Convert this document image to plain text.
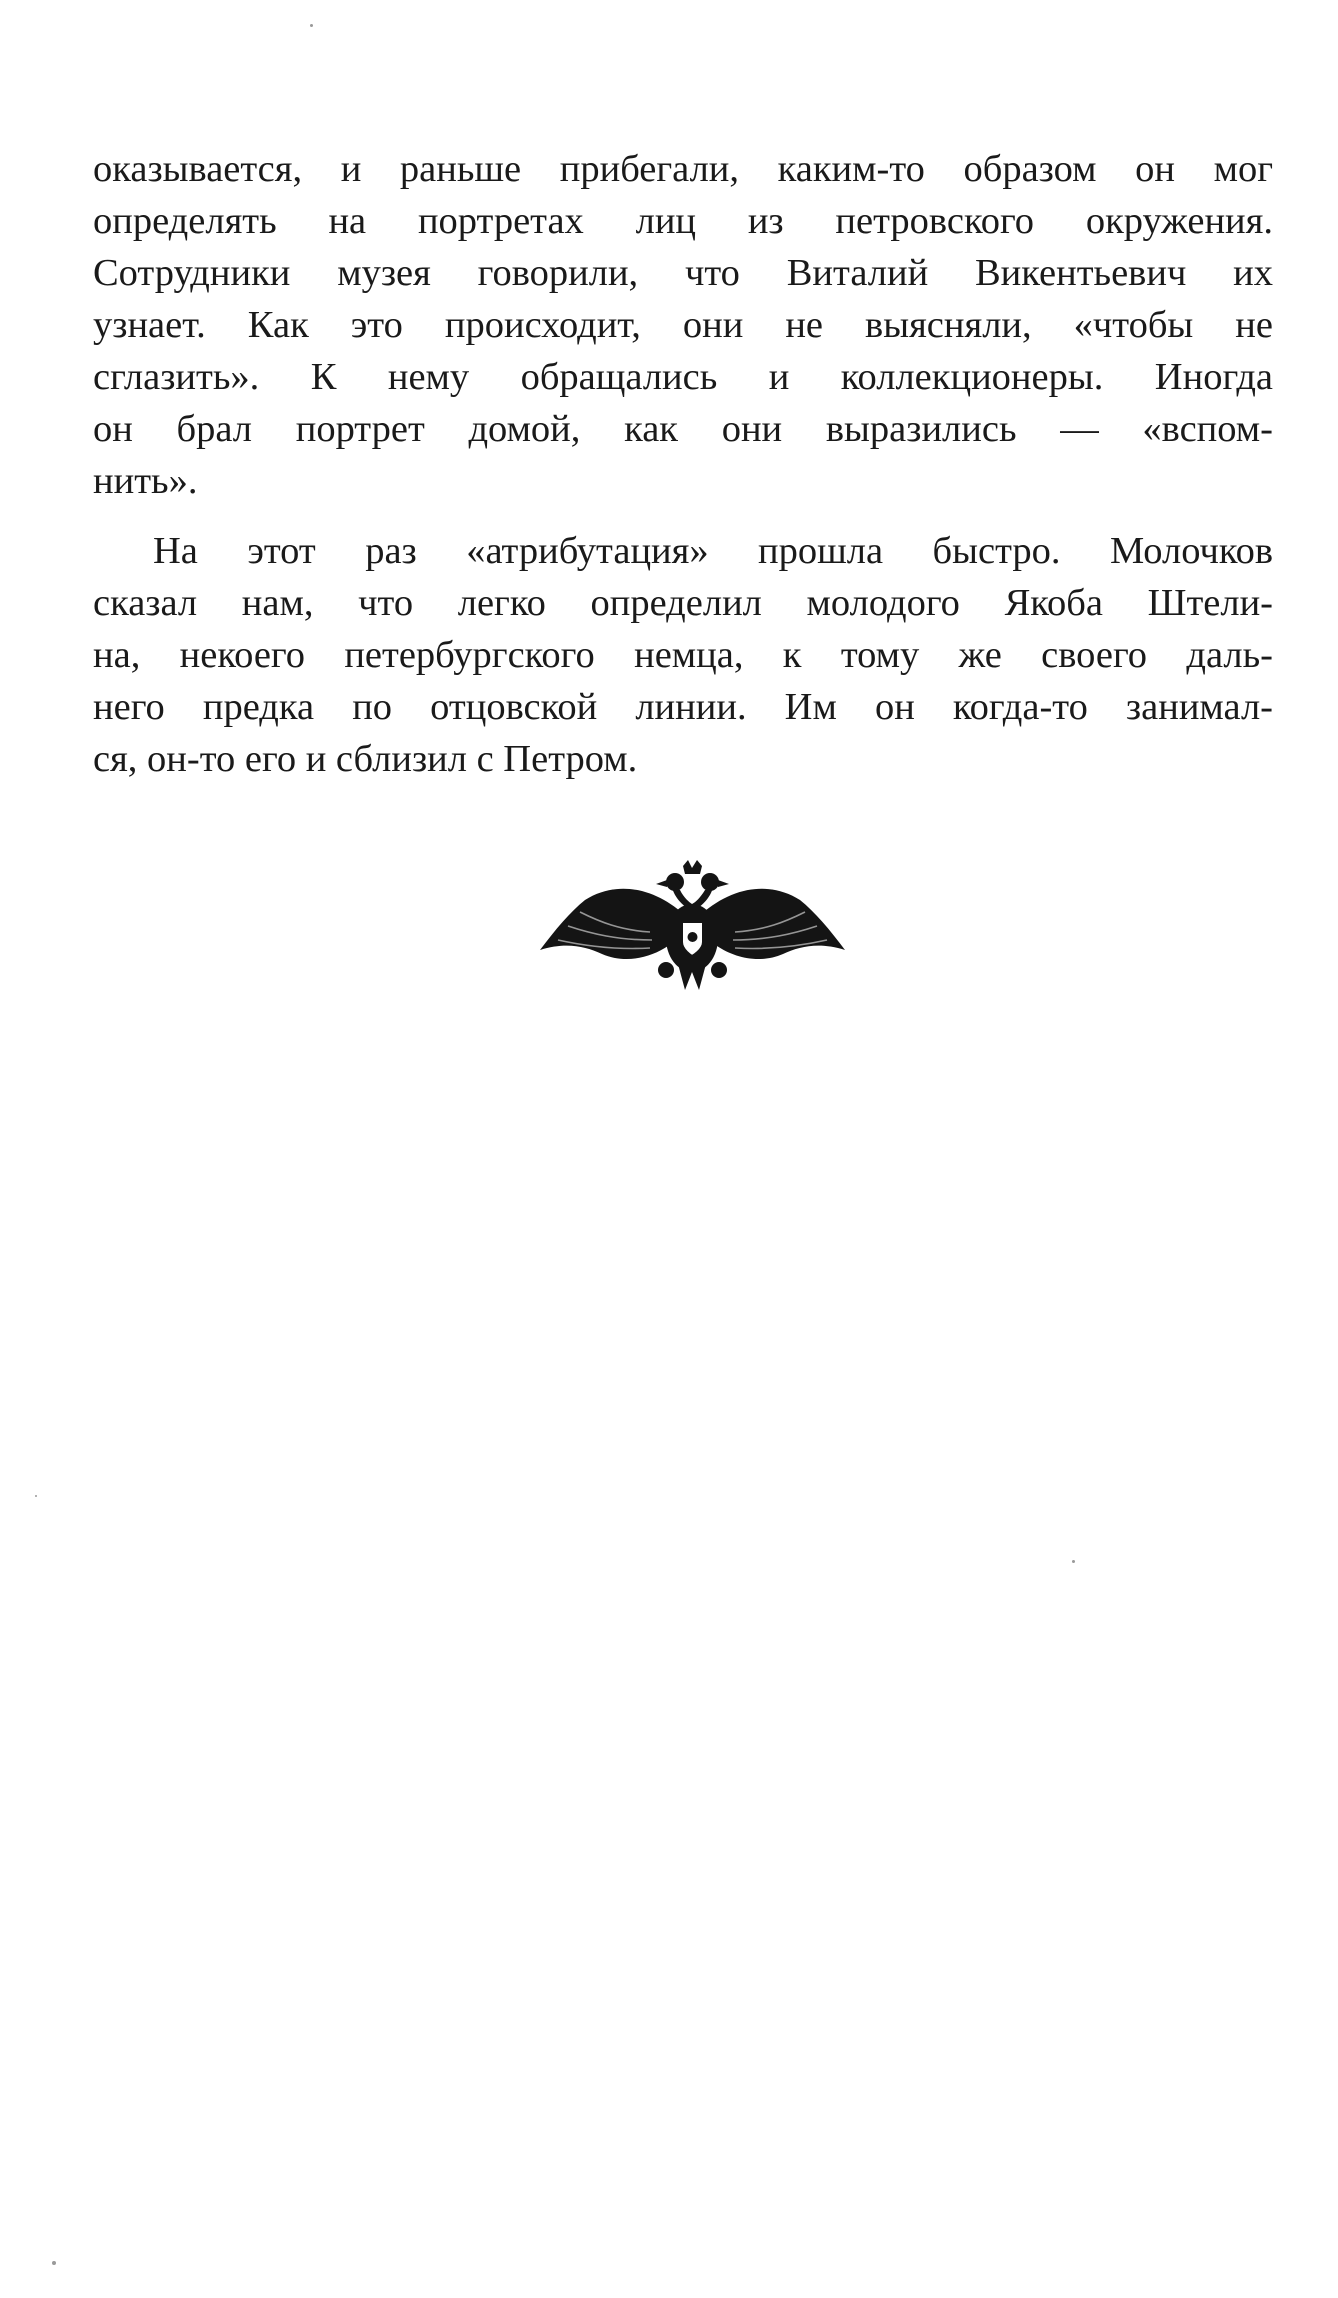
оказывается, и раньше прибегали, каким-то образом он мог
определять на портретах лиц из петровского окружения.
Сотрудники музея говорили, что Виталий Викентьевич их
узнает. Как это происходит, они не выясняли, «чтобы не
сглазить». К нему обращались и коллекционеры. Иногда
он брал портрет домой, как они выразились — «вспом-
нить».
На этот раз «атрибутация» прошла быстро. Молочков
сказал нам, что легко определил молодого Якоба Штели-
на, некоего петербургского немца, к тому же своего даль-
него предка по отцовской линии. Им он когда-то занимал-
ся, он-то его и сблизил с Петром.
